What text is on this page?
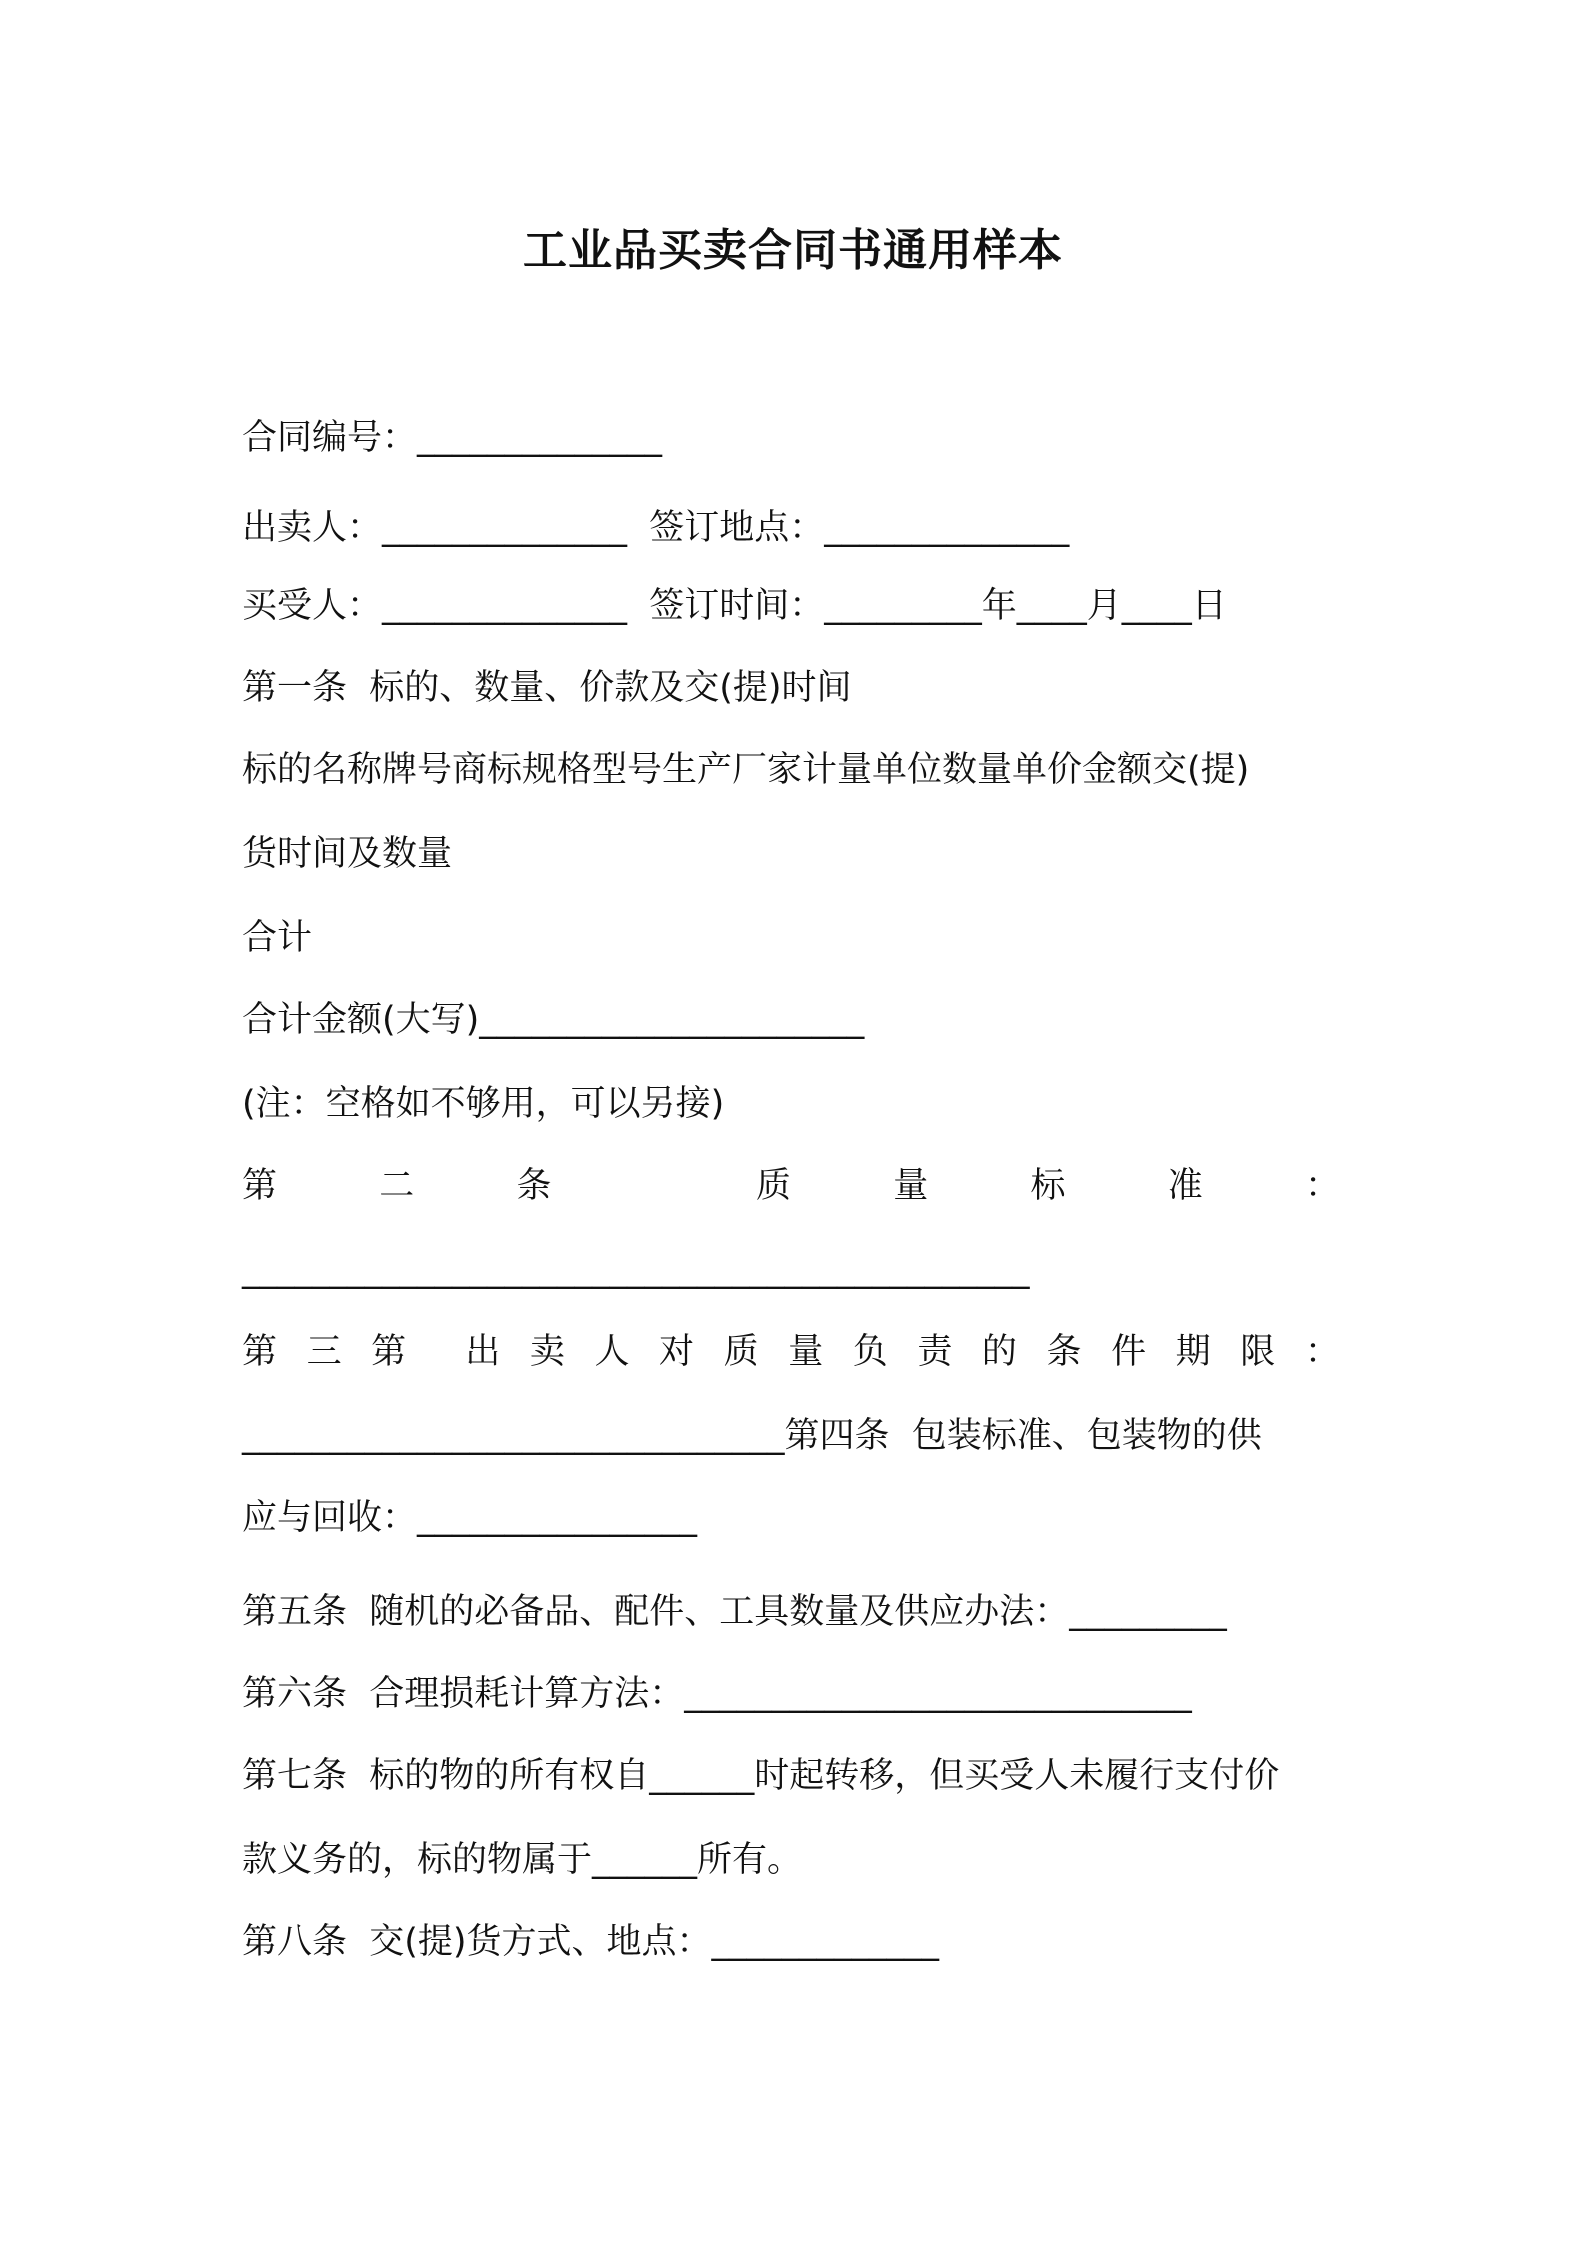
工业品买卖合同书通用样本

合同编号：______________

出卖人：______________  签订地点：______________

买受人：______________  签订时间：_________年____月____日

第一条  标的、数量、价款及交(提)时间

标的名称牌号商标规格型号生产厂家计量单位数量单价金额交(提)

货时间及数量

合计

合计金额(大写)______________________

(注：空格如不够用，可以另接)

第	二	条	质	量	标	准	：

_____________________________________________

第 三 第 出 卖 人 对 质 量 负 责 的 条 件 期 限 ：

_______________________________第四条  包装标准、包装物的供

应与回收：________________

第五条  随机的必备品、配件、工具数量及供应办法：_________

第六条  合理损耗计算方法：_____________________________

第七条  标的物的所有权自______时起转移，但买受人未履行支付价

款义务的，标的物属于______所有。

第八条  交(提)货方式、地点：_____________
